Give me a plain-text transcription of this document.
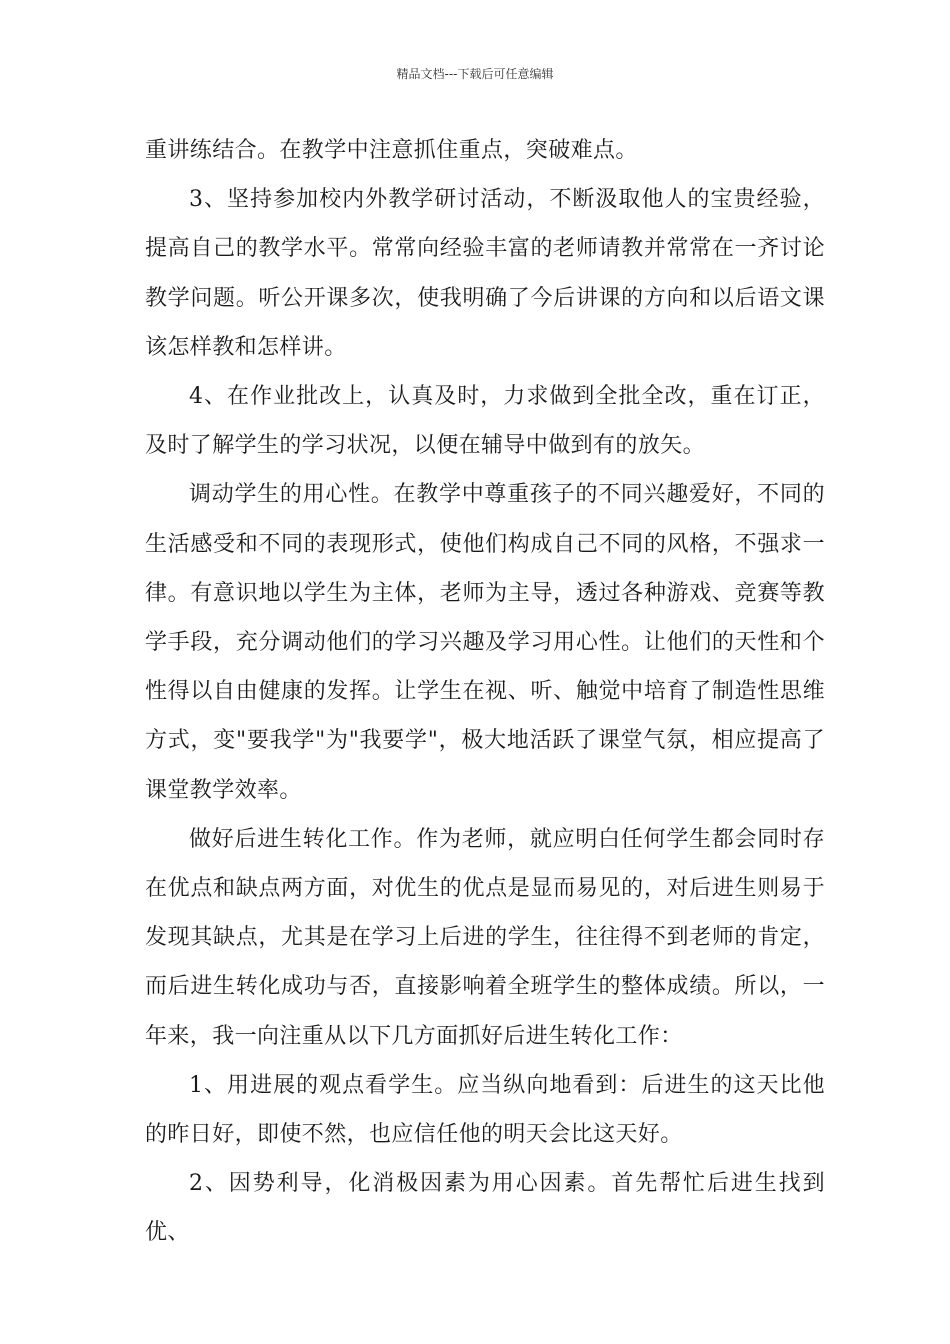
精品文档---下载后可任意编辑

重讲练结合。在教学中注意抓住重点，突破难点。

3、坚持参加校内外教学研讨活动，不断汲取他人的宝贵经验，提高自己的教学水平。常常向经验丰富的老师请教并常常在一齐讨论教学问题。听公开课多次，使我明确了今后讲课的方向和以后语文课该怎样教和怎样讲。

4、在作业批改上，认真及时，力求做到全批全改，重在订正，及时了解学生的学习状况，以便在辅导中做到有的放矢。

调动学生的用心性。在教学中尊重孩子的不同兴趣爱好，不同的生活感受和不同的表现形式，使他们构成自己不同的风格，不强求一律。有意识地以学生为主体，老师为主导，透过各种游戏、竞赛等教学手段，充分调动他们的学习兴趣及学习用心性。让他们的天性和个性得以自由健康的发挥。让学生在视、听、触觉中培育了制造性思维方式，变"要我学"为"我要学"，极大地活跃了课堂气氛，相应提高了课堂教学效率。

做好后进生转化工作。作为老师，就应明白任何学生都会同时存在优点和缺点两方面，对优生的优点是显而易见的，对后进生则易于发现其缺点，尤其是在学习上后进的学生，往往得不到老师的肯定，而后进生转化成功与否，直接影响着全班学生的整体成绩。所以，一年来，我一向注重从以下几方面抓好后进生转化工作：

1、用进展的观点看学生。应当纵向地看到：后进生的这天比他的昨日好，即使不然，也应信任他的明天会比这天好。

2、因势利导，化消极因素为用心因素。首先帮忙后进生找到优、
